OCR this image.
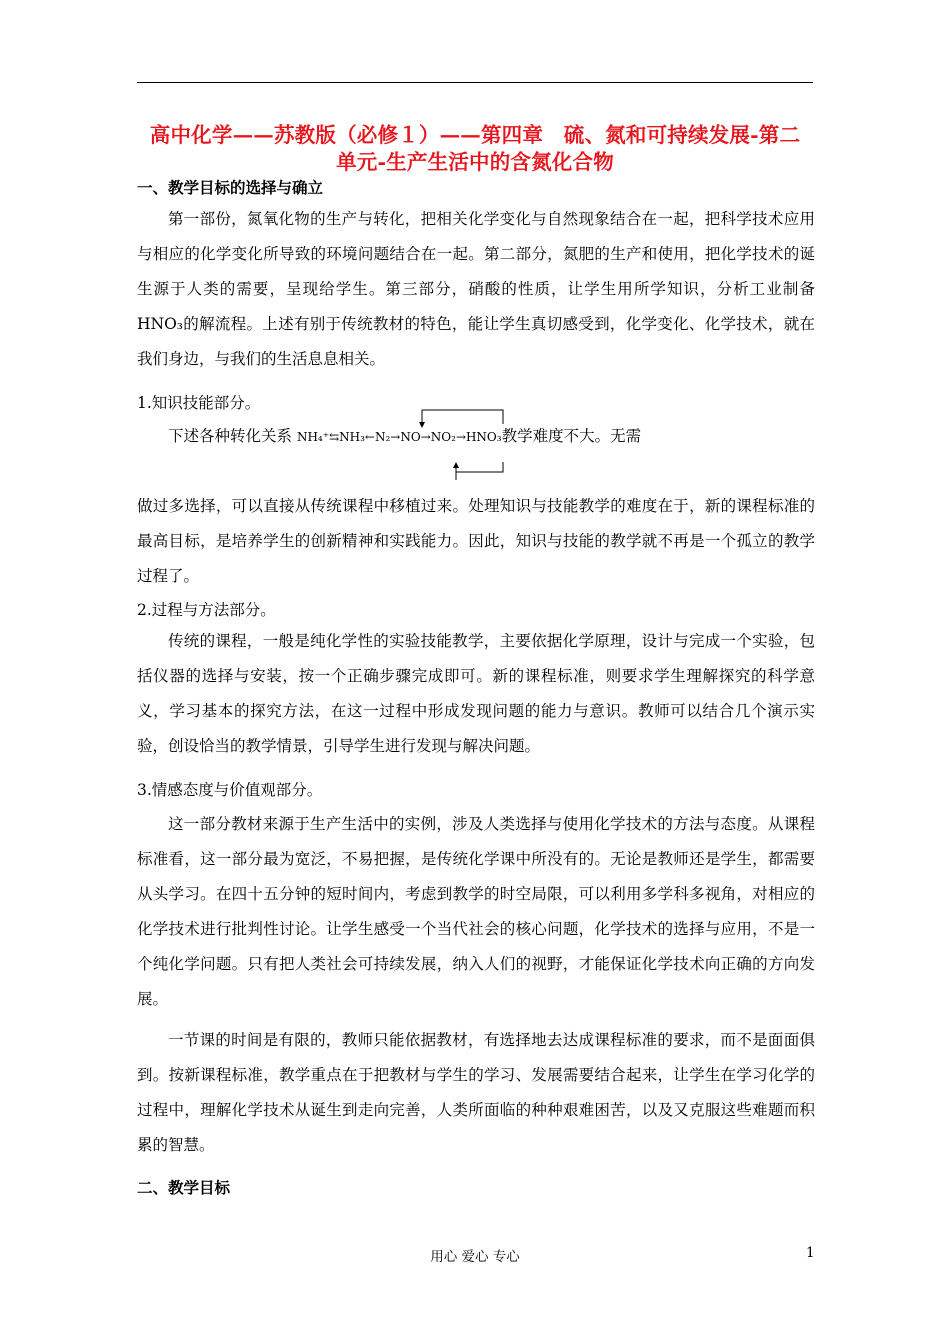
高中化学——苏教版（必修１）——第四章　硫、氮和可持续发展-第二
单元-生产生活中的含氮化合物
一、教学目标的选择与确立
第一部份，氮氧化物的生产与转化，把相关化学变化与自然现象结合在一起，把科学技术应用与相应的化学变化所导致的环境问题结合在一起。第二部分，氮肥的生产和使用，把化学技术的诞生源于人类的需要，呈现给学生。第三部分，硝酸的性质，让学生用所学知识，分析工业制备HNO₃的解流程。上述有别于传统教材的特色，能让学生真切感受到，化学变化、化学技术，就在我们身边，与我们的生活息息相关。
1.知识技能部分。
下述各种转化关系 NH₄⁺⇆NH₃←N₂→NO→NO₂→HNO₃教学难度不大。无需
做过多选择，可以直接从传统课程中移植过来。处理知识与技能教学的难度在于，新的课程标准的最高目标，是培养学生的创新精神和实践能力。因此，知识与技能的教学就不再是一个孤立的教学过程了。
2.过程与方法部分。
传统的课程，一般是纯化学性的实验技能教学，主要依据化学原理，设计与完成一个实验，包括仪器的选择与安装，按一个正确步骤完成即可。新的课程标准，则要求学生理解探究的科学意义，学习基本的探究方法，在这一过程中形成发现问题的能力与意识。教师可以结合几个演示实验，创设恰当的教学情景，引导学生进行发现与解决问题。
3.情感态度与价值观部分。
这一部分教材来源于生产生活中的实例，涉及人类选择与使用化学技术的方法与态度。从课程标准看，这一部分最为宽泛，不易把握，是传统化学课中所没有的。无论是教师还是学生，都需要从头学习。在四十五分钟的短时间内，考虑到教学的时空局限，可以利用多学科多视角，对相应的化学技术进行批判性讨论。让学生感受一个当代社会的核心问题，化学技术的选择与应用，不是一个纯化学问题。只有把人类社会可持续发展，纳入人们的视野，才能保证化学技术向正确的方向发展。
一节课的时间是有限的，教师只能依据教材，有选择地去达成课程标准的要求，而不是面面俱到。按新课程标准，教学重点在于把教材与学生的学习、发展需要结合起来，让学生在学习化学的过程中，理解化学技术从诞生到走向完善，人类所面临的种种艰难困苦，以及又克服这些难题而积累的智慧。
二、教学目标
用心 爱心 专心	1
